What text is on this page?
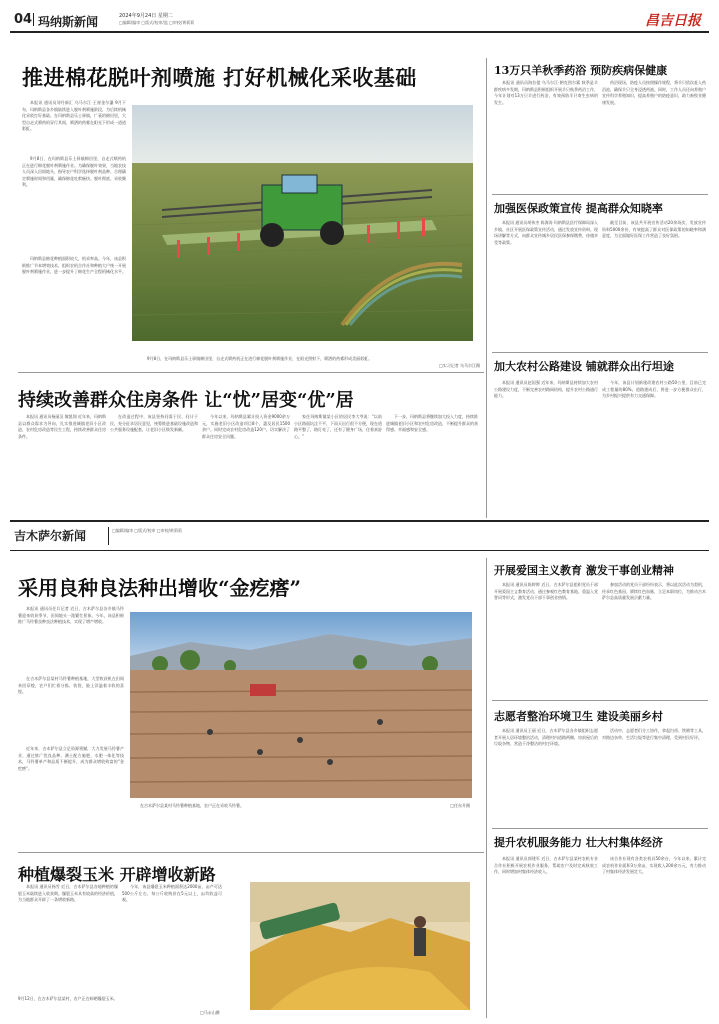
04 玛纳斯新闻	2024年9月24日 星期二
□编辑/编审 □版式/校审/监 □审校/黄莉莉	昌吉日报
推进棉花脱叶剂喷施 打好机械化采收基础

本报讯 通讯员刘丹新汇 乌马尔江·王崔金尔瀑 9月下旬，玛纳斯县各乡镇陆续进入脱叶剂喷施阶段，为后续机械化采收打好基础。在玛纳斯县乐土驿镇，广袤的棉田里，大型自走式喷药机穿行其间，喷洒的药雾在阳光下形成一道道彩虹。

9月8日，在玛纳斯县乐土驿镇棉田里，自走式喷药机正在进行棉花脱叶剂喷施作业。为确保脱叶效果，当地农技人员深入田间地头，指导农户科学选择脱叶剂品种、合理确定喷施时间和用量，确保棉花吐絮畅快、脱叶彻底、采收顺利。

玛纳斯县棉花种植面积较大，机采率高。今年，该县积极推广节本增效技术，组织农机合作社和种植大户统一开展脱叶剂喷施作业，进一步提升了棉花生产全程机械化水平。

9月8日，在玛纳斯县乐土驿镇棉田里，自走式喷药机正在进行棉花脱叶剂喷施作业，在阳光照射下，喷洒的药雾形成美丽彩虹。
□实习记者 乌马尔江摄
持续改善群众住房条件 让“忧”居变“优”居

本报讯 通讯员杨丽汉 黎凯翔 近年来，玛纳斯县以群众需求为导向，扎实推进城镇老旧小区改造、农村危房改造等民生工程，持续改善群众住房条件。

在改造过程中，该县坚持问需于民、问计于民，充分征求居民意见，统筹推进基础设施改造和公共服务设施配套，让老旧小区焕发新颜。

今年以来，玛纳斯县累计投入资金9000余万元，实施老旧小区改造项目8个，惠及居民1500余户。同时完成农村危房改造120户，切实解决了群众住房安全问题。

家住玛纳斯镇某小区的居民李大爷说：“以前小区路面坑洼不平，下雨天出行很不方便，现在道路平整了，路灯亮了，还有了健身广场，住着真舒心。”

下一步，玛纳斯县将继续加大投入力度，持续推进城镇老旧小区和农村危房改造，不断提升群众的获得感、幸福感和安全感。

13万只羊秋季药浴 预防疾病保健康

本报讯 通讯员海拉提 乌马尔江·朝克图尔累 秋季是羊群疾病多发期，玛纳斯县积极组织开展羊只秋季药浴工作，今年计划对13万只羊进行药浴，有效预防羊只寄生虫病的发生。

药浴现场，防疫人员按照操作规程，将羊只依次赶入药浴池，确保羊只全身浸透药液。同时，工作人员还向养殖户宣传科学养殖知识，提高养殖户的防疫意识，助力畜牧业健康发展。

加强医保政策宣传 提高群众知晓率

本报讯 通讯员胡伟杰 陈海涛 玛纳斯县医疗保障局深入乡镇、社区开展医保政策宣传活动，通过发放宣传资料、现场讲解等方式，向群众宣传城乡居民医保参保缴费、待遇享受等政策。

截至目前，该县共开展宣传活动20余场次，发放宣传资料5000余份，有效提高了群众对医保政策的知晓率和满意度，为全面做好医保工作营造了良好氛围。

加大农村公路建设 铺就群众出行坦途

本报讯 通讯员赵国强 近年来，玛纳斯县持续加大农村公路建设力度，不断完善农村路网结构，提升农村公路通行能力。

今年，该县计划新建改建农村公路50公里，目前已完成工程量的80%。道路建成后，将进一步方便群众出行，为乡村振兴提供有力交通保障。

吉木萨尔新闻	□编辑/编审 □版式/校审 □审校/黄莉莉
采用良种良法种出增收“金疙瘩”

本报讯 通讯员任兵记者 近日，吉木萨尔县各乡镇马铃薯迎来收获季节，田间地头一派繁忙景象。今年，该县积极推广马铃薯良种良法种植技术，实现了增产增收。

在吉木萨尔县某村马铃薯种植基地，大型收获机在田间来回穿梭，农户们忙着分拣、装袋，脸上洋溢着丰收的喜悦。

近年来，吉木萨尔县立足资源禀赋，大力发展马铃薯产业，通过推广优良品种、测土配方施肥、水肥一体化等技术，马铃薯单产和品质不断提升，成为群众增收致富的“金疙瘩”。

在吉木萨尔县某村马铃薯种植基地，农户正在采收马铃薯。	□任东升摄
种植爆裂玉米 开辟增收新路

本报讯 通讯员杨雪 近日，吉木萨尔县各地种植的爆裂玉米陆续进入收获期。爆裂玉米具有较高的经济价值，为当地群众开辟了一条增收新路。

今年，该县爆裂玉米种植面积达2000亩，亩产可达500公斤左右，每公斤收购价在5元以上，亩均收益可观。

9月12日，在吉木萨尔县某村，农户正在晾晒爆裂玉米。
□马永山摄
开展爱国主义教育 激发干事创业精神

本报讯 通讯员陈婷婷 近日，吉木萨尔县组织党员干部开展爱国主义教育活动，通过参观红色教育基地、重温入党誓词等形式，激发党员干部干事创业热情。

参加活动的党员干部纷纷表示，将以此次活动为契机，传承红色基因，赓续红色血脉，立足本职岗位，为推动吉木萨尔县高质量发展贡献力量。

志愿者整治环境卫生 建设美丽乡村

本报讯 通讯员王丽 近日，吉木萨尔县各乡镇组织志愿者开展人居环境整治活动，清理村内道路两侧、房前屋后的垃圾杂物，营造干净整洁的村庄环境。

活动中，志愿者们分工协作，拿起扫帚、铁锹等工具，对路边杂草、生活垃圾等进行集中清理，受到村民好评。

提升农机服务能力 壮大村集体经济

本报讯 通讯员郭建军 近日，吉木萨尔县某村农机专业合作社积极开展农机作业服务，帮助农户及时完成秋收工作，同时增加村集体经济收入。

该合作社现有各类农机具50余台，今年以来，累计完成农机作业面积3万余亩，实现收入200余万元，有力推动了村集体经济发展壮大。
